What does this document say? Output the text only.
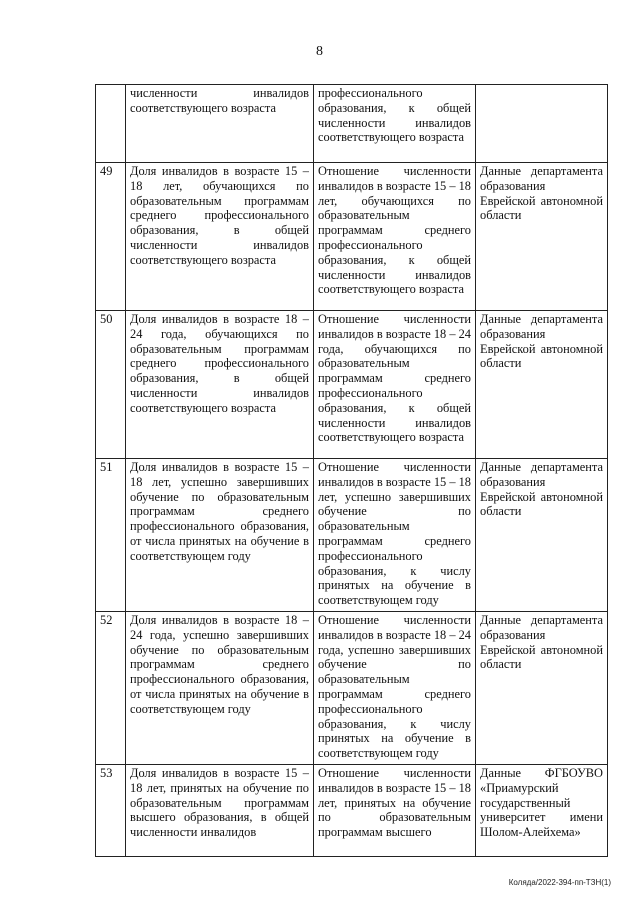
8
	численности инвалидов соответствующего возраста	профессионального образования, к общей численности инвалидов соответствующего возраста	
49	Доля инвалидов в возрасте 15 – 18 лет, обучающихся по образовательным программам среднего профессионального образования, в общей численности инвалидов соответствующего возраста	Отношение численности инвалидов в возрасте 15 – 18 лет, обучающихся по образовательным программам среднего профессионального образования, к общей численности инвалидов соответствующего возраста	Данные департамента образования Еврейской автономной области
50	Доля инвалидов в возрасте 18 – 24 года, обучающихся по образовательным программам среднего профессионального образования, в общей численности инвалидов соответствующего возраста	Отношение численности инвалидов в возрасте 18 – 24 года, обучающихся по образовательным программам среднего профессионального образования, к общей численности инвалидов соответствующего возраста	Данные департамента образования Еврейской автономной области
51	Доля инвалидов в возрасте 15 – 18 лет, успешно завершивших обучение по образовательным программам среднего профессионального образования, от числа принятых на обучение в соответствующем году	Отношение численности инвалидов в возрасте 15 – 18 лет, успешно завершивших обучение по образовательным программам среднего профессионального образования, к числу принятых на обучение в соответствующем году	Данные департамента образования Еврейской автономной области
52	Доля инвалидов в возрасте 18 – 24 года, успешно завершивших обучение по образовательным программам среднего профессионального образования, от числа принятых на обучение в соответствующем году	Отношение численности инвалидов в возрасте 18 – 24 года, успешно завершивших обучение по образовательным программам среднего профессионального образования, к числу принятых на обучение в соответствующем году	Данные департамента образования Еврейской автономной области
53	Доля инвалидов в возрасте 15 – 18 лет, принятых на обучение по образовательным программам высшего образования, в общей численности инвалидов	Отношение численности инвалидов в возрасте 15 – 18 лет, принятых на обучение по образовательным программам высшего	Данные ФГБОУВО «Приамурский государственный университет имени Шолом-Алейхема»
Коляда/2022-394-пп-ТЗН(1)
